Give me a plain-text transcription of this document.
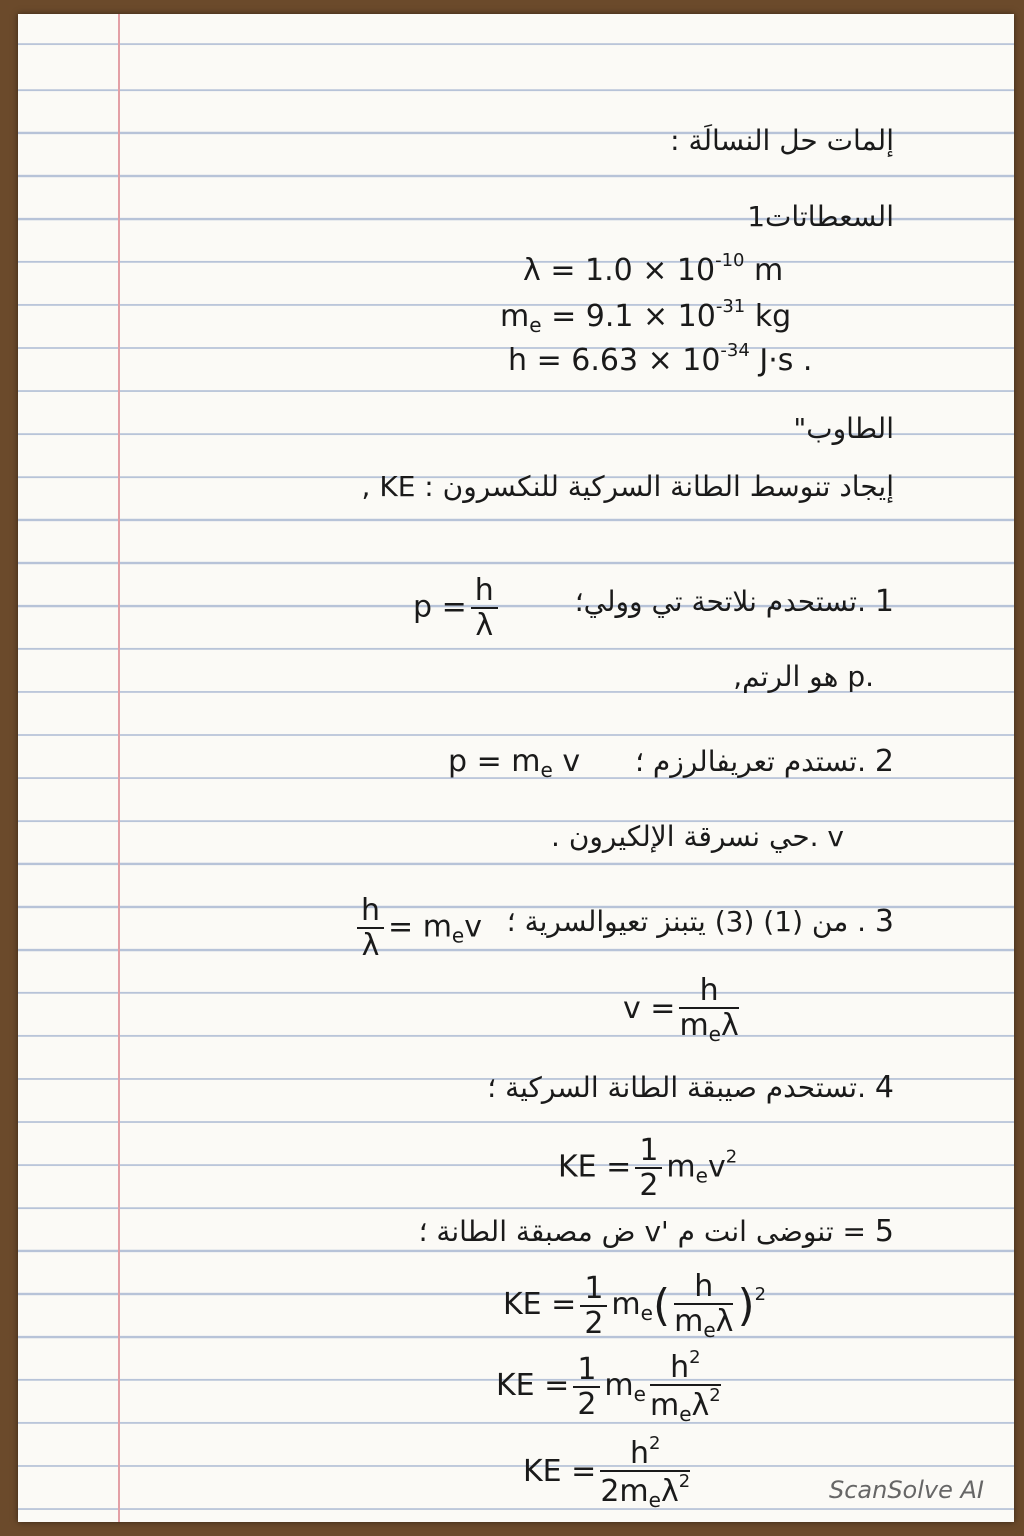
إلمات حل النسالَة :
السعطاتات1
$\lambda = 1.0 \times 10^{-10}$ m
$m_e = 9.1 \times 10^{-31}$ kg
$h = 6.63 \times 10^{-34}$ J·s .
الطاوب"
إيجاد تنوسط الطانة السركية للنكسرون : KE ,
1 .تستحدم نلاتحة تي وولي؛
$p = \frac{h}{\lambda}$
.p هو الرتم,
2 .تستدم تعريفالرزم ؛
$p = m_e$ v
v .حي نسرقة الإلكيرون .
3 . من (1) (3) يتبنز تعيوالسرية ؛
$\frac{h}{\lambda} = m_ev$
$v = \frac{h}{m_e\lambda}$
4 .تستحدم صيبقة الطانة السركية ؛
KE = $\frac{1}{2} m_ev^2$
5 = تنوضى انت م 'v ض مصبقة الطانة ؛
KE = $\frac{1}{2} m_e( \frac{h}{m_e\lambda} )^2$
KE = $\frac{1}{2} m_e \frac{h^2}{m_e\lambda^2}$
KE = $\frac{h^2}{2m_e\lambda^2}$	ScanSolve AI
